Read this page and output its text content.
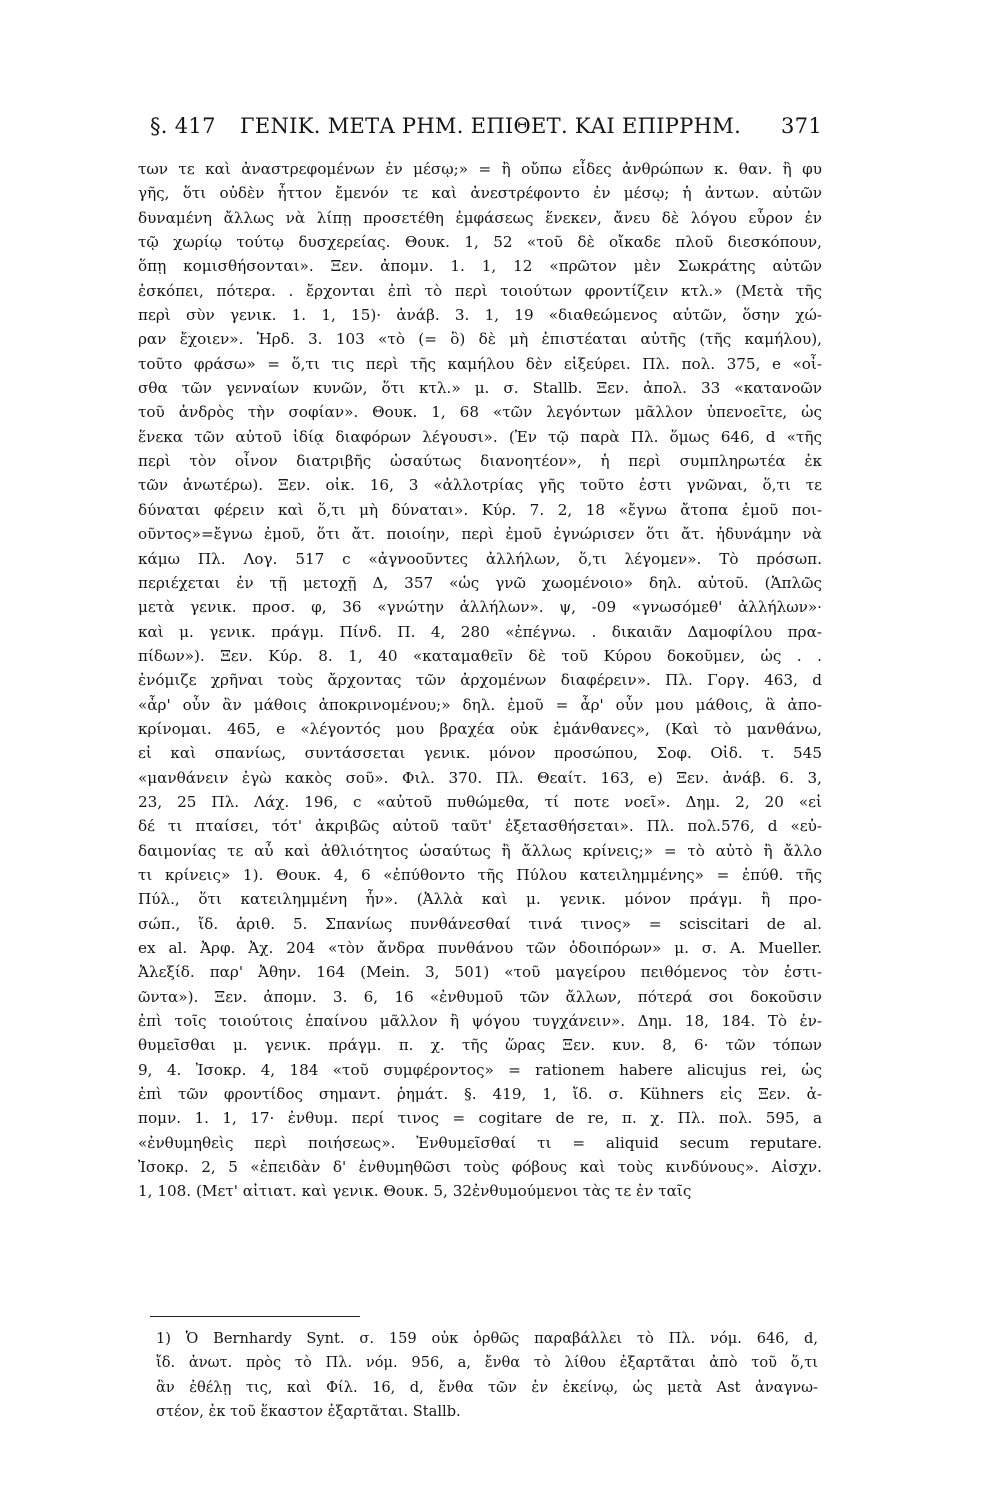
§. 417 ΓΕΝΙΚ. ΜΕΤΑ ΡΗΜ. ΕΠΙΘΕΤ. ΚΑΙ ΕΠΙΡΡΗΜ. 371
των τε καὶ ἀναστρεφομένων ἐν μέσῳ;» = ἢ οὔπω εἶδες ἀνθρώπων κ. θαν. ἢ φυ
γῆς, ὅτι οὐδὲν ἧττον ἔμενόν τε καὶ ἀνεστρέφοντο ἐν μέσῳ; ἡ ἀντων. αὐτῶν
δυναμένη ἄλλως νὰ λίπῃ προσετέθη ἐμφάσεως ἕνεκεν, ἄνευ δὲ λόγου εὗρον ἐν
τῷ χωρίῳ τούτῳ δυσχερείας. Θουκ. 1, 52 «τοῦ δὲ οἴκαδε πλοῦ διεσκόπουν,
ὅπῃ κομισθήσονται». Ξεν. ἀπομν. 1. 1, 12 «πρῶτον μὲν Σωκράτης αὐτῶν
ἐσκόπει, πότερα. . ἔρχονται ἐπὶ τὸ περὶ τοιούτων φροντίζειν κτλ.» (Μετὰ τῆς
περὶ σὺν γενικ. 1. 1, 15)· ἀνάβ. 3. 1, 19 «διαθεώμενος αὐτῶν, ὅσην χώ-
ραν ἔχοιεν». Ἡρδ. 3. 103 «τὸ (= ὃ) δὲ μὴ ἐπιστέαται αὐτῆς (τῆς καμήλου),
τοῦτο φράσω» = ὅ,τι τις περὶ τῆς καμήλου δὲν εἰξεύρει. Πλ. πολ. 375, e «οἶ-
σθα τῶν γενναίων κυνῶν, ὅτι κτλ.» μ. σ. Stallb. Ξεν. ἀπολ. 33 «κατανοῶν
τοῦ ἀνδρὸς τὴν σοφίαν». Θουκ. 1, 68 «τῶν λεγόντων μᾶλλον ὑπενοεῖτε, ὡς
ἕνεκα τῶν αὐτοῦ ἰδίᾳ διαφόρων λέγουσι». (Ἐν τῷ παρὰ Πλ. ὅμως 646, d «τῆς
περὶ τὸν οἶνον διατριβῆς ὡσαύτως διανοητέον», ἡ περὶ συμπληρωτέα ἐκ
τῶν ἀνωτέρω). Ξεν. οἰκ. 16, 3 «ἀλλοτρίας γῆς τοῦτο ἐστι γνῶναι, ὅ,τι τε
δύναται φέρειν καὶ ὅ,τι μὴ δύναται». Κύρ. 7. 2, 18 «ἔγνω ἄτοπα ἐμοῦ ποι-
οῦντος»=ἔγνω ἐμοῦ, ὅτι ἄτ. ποιοίην, περὶ ἐμοῦ ἐγνώρισεν ὅτι ἄτ. ἠδυνάμην νὰ
κάμω Πλ. Λογ. 517 c «ἀγνοοῦντες ἀλλήλων, ὅ,τι λέγομεν». Τὸ πρόσωπ.
περιέχεται ἐν τῇ μετοχῇ Δ, 357 «ὡς γνῶ χωομένοιο» δηλ. αὐτοῦ. (Ἁπλῶς
μετὰ γενικ. προσ. φ, 36 «γνώτην ἀλλήλων». ψ, -09 «γνωσόμεθ' ἀλλήλων»·
καὶ μ. γενικ. πράγμ. Πίνδ. Π. 4, 280 «ἐπέγνω. . δικαιᾶν Δαμοφίλου πρα-
πίδων»). Ξεν. Κύρ. 8. 1, 40 «καταμαθεῖν δὲ τοῦ Κύρου δοκοῦμεν, ὡς . .
ἐνόμιζε χρῆναι τοὺς ἄρχοντας τῶν ἀρχομένων διαφέρειν». Πλ. Γοργ. 463, d
«ἆρ' οὖν ἂν μάθοις ἀποκρινομένου;» δηλ. ἐμοῦ = ἆρ' οὖν μου μάθοις, ἃ ἀπο-
κρίνομαι. 465, e «λέγοντός μου βραχέα οὐκ ἐμάνθανες», (Καὶ τὸ μανθάνω,
εἰ καὶ σπανίως, συντάσσεται γενικ. μόνον προσώπου, Σοφ. Οἰδ. τ. 545
«μανθάνειν ἐγὼ κακὸς σοῦ». Φιλ. 370. Πλ. Θεαίτ. 163, e) Ξεν. ἀνάβ. 6. 3,
23, 25 Πλ. Λάχ. 196, c «αὐτοῦ πυθώμεθα, τί ποτε νοεῖ». Δημ. 2, 20 «εἰ
δέ τι πταίσει, τότ' ἀκριβῶς αὐτοῦ ταῦτ' ἐξετασθήσεται». Πλ. πολ.576, d «εὐ-
δαιμονίας τε αὖ καὶ ἀθλιότητος ὡσαύτως ἢ ἄλλως κρίνεις;» = τὸ αὐτὸ ἢ ἄλλο
τι κρίνεις» 1). Θουκ. 4, 6 «ἐπύθοντο τῆς Πύλου κατειλημμένης» = ἐπύθ. τῆς
Πύλ., ὅτι κατειλημμένη ἦν». (Ἀλλὰ καὶ μ. γενικ. μόνον πράγμ. ἢ προ-
σώπ., ἴδ. ἀριθ. 5. Σπανίως πυνθάνεσθαί τινά τινος» = sciscitari de al.
ex al. Ἀρφ. Ἀχ. 204 «τὸν ἄνδρα πυνθάνου τῶν ὁδοιπόρων» μ. σ. A. Mueller.
Ἀλεξίδ. παρ' Ἀθην. 164 (Mein. 3, 501) «τοῦ μαγείρου πειθόμενος τὸν ἑστι-
ῶντα»). Ξεν. ἀπομν. 3. 6, 16 «ἐνθυμοῦ τῶν ἄλλων, πότερά σοι δοκοῦσιν
ἐπὶ τοῖς τοιούτοις ἐπαίνου μᾶλλον ἢ ψόγου τυγχάνειν». Δημ. 18, 184. Τὸ ἐν-
θυμεῖσθαι μ. γενικ. πράγμ. π. χ. τῆς ὥρας Ξεν. κυν. 8, 6· τῶν τόπων
9, 4. Ἰσοκρ. 4, 184 «τοῦ συμφέροντος» = rationem habere alicujus rei, ὡς
ἐπὶ τῶν φροντίδος σημαντ. ῥημάτ. §. 419, 1, ἴδ. σ. Kühners εἰς Ξεν. ἀ-
πομν. 1. 1, 17· ἐνθυμ. περί τινος = cogitare de re, π. χ. Πλ. πολ. 595, a
«ἐνθυμηθεὶς περὶ ποιήσεως». Ἐνθυμεῖσθαί τι = aliquid secum reputare.
Ἰσοκρ. 2, 5 «ἐπειδὰν δ' ἐνθυμηθῶσι τοὺς φόβους καὶ τοὺς κινδύνους». Αἰσχν.
1, 108. (Μετ' αἰτιατ. καὶ γενικ. Θουκ. 5, 32ἐνθυμούμενοι τὰς τε ἐν ταῖς
1) Ὁ Bernhardy Synt. σ. 159 οὐκ ὀρθῶς παραβάλλει τὸ Πλ. νόμ. 646, d,
ἴδ. ἀνωτ. πρὸς τὸ Πλ. νόμ. 956, a, ἔνθα τὸ λίθου ἐξαρτᾶται ἀπὸ τοῦ ὅ,τι
ἂν ἐθέλῃ τις, καὶ Φίλ. 16, d, ἔνθα τῶν ἐν ἐκείνῳ, ὡς μετὰ Ast ἀναγνω-
στέον, ἐκ τοῦ ἕκαστον ἐξαρτᾶται. Stallb.
